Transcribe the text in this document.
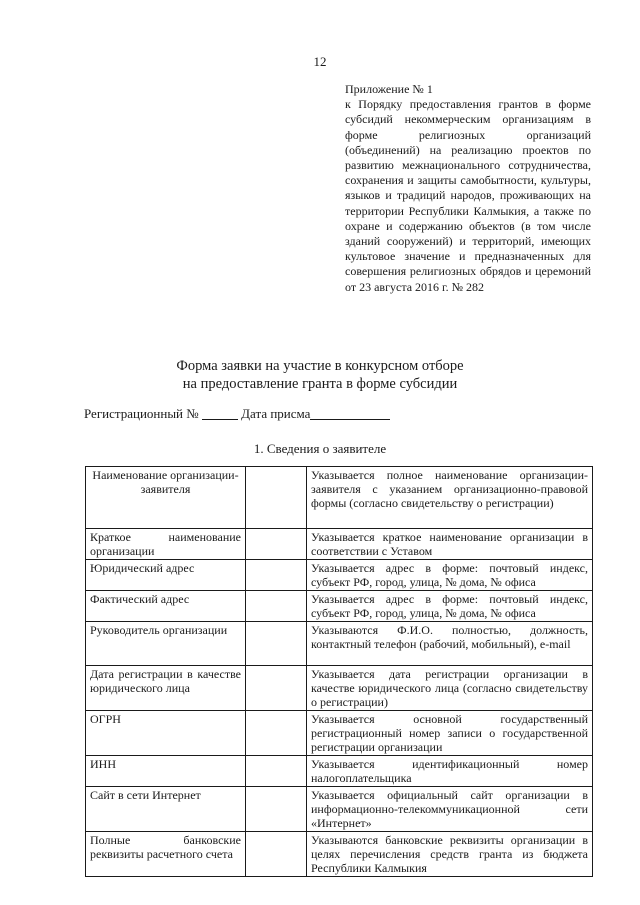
12
Приложение № 1
к Порядку предоставления грантов в форме субсидий некоммерческим организациям в форме религиозных организаций (объединений) на реализацию проектов по развитию межнационального сотрудничества, сохранения и защиты самобытности, культуры, языков и традиций народов, проживающих на территории Республики Калмыкия, а также по охране и содержанию объектов (в том числе зданий сооружений) и территорий, имеющих культовое значение и предназначенных для совершения религиозных обрядов и церемоний от 23 августа 2016 г. № 282
Форма заявки на участие в конкурсном отборе
на предоставление гранта в форме субсидии
Регистрационный №	Дата присма
1. Сведения о заявителе
Наименование организации-заявителя		Указывается полное наименование организации-заявителя с указанием организационно-правовой формы (согласно свидетельству о регистрации)
Краткое наименование организации		Указывается краткое наименование организации в соответствии с Уставом
Юридический адрес		Указывается адрес в форме: почтовый индекс, субъект РФ, город, улица, № дома, № офиса
Фактический адрес		Указывается адрес в форме: почтовый индекс, субъект РФ, город, улица, № дома, № офиса
Руководитель организации		Указываются Ф.И.О. полностью, должность, контактный телефон (рабочий, мобильный), e-mail
Дата регистрации в качестве юридического лица		Указывается дата регистрации организации в качестве юридического лица (согласно свидетельству о регистрации)
ОГРН		Указывается основной государственный регистрационный номер записи о государственной регистрации организации
ИНН		Указывается идентификационный номер налогоплательщика
Сайт в сети Интернет		Указывается официальный сайт организации в информационно-телекоммуникационной сети «Интернет»
Полные банковские реквизиты расчетного счета		Указываются банковские реквизиты организации в целях перечисления средств гранта из бюджета Республики Калмыкия
